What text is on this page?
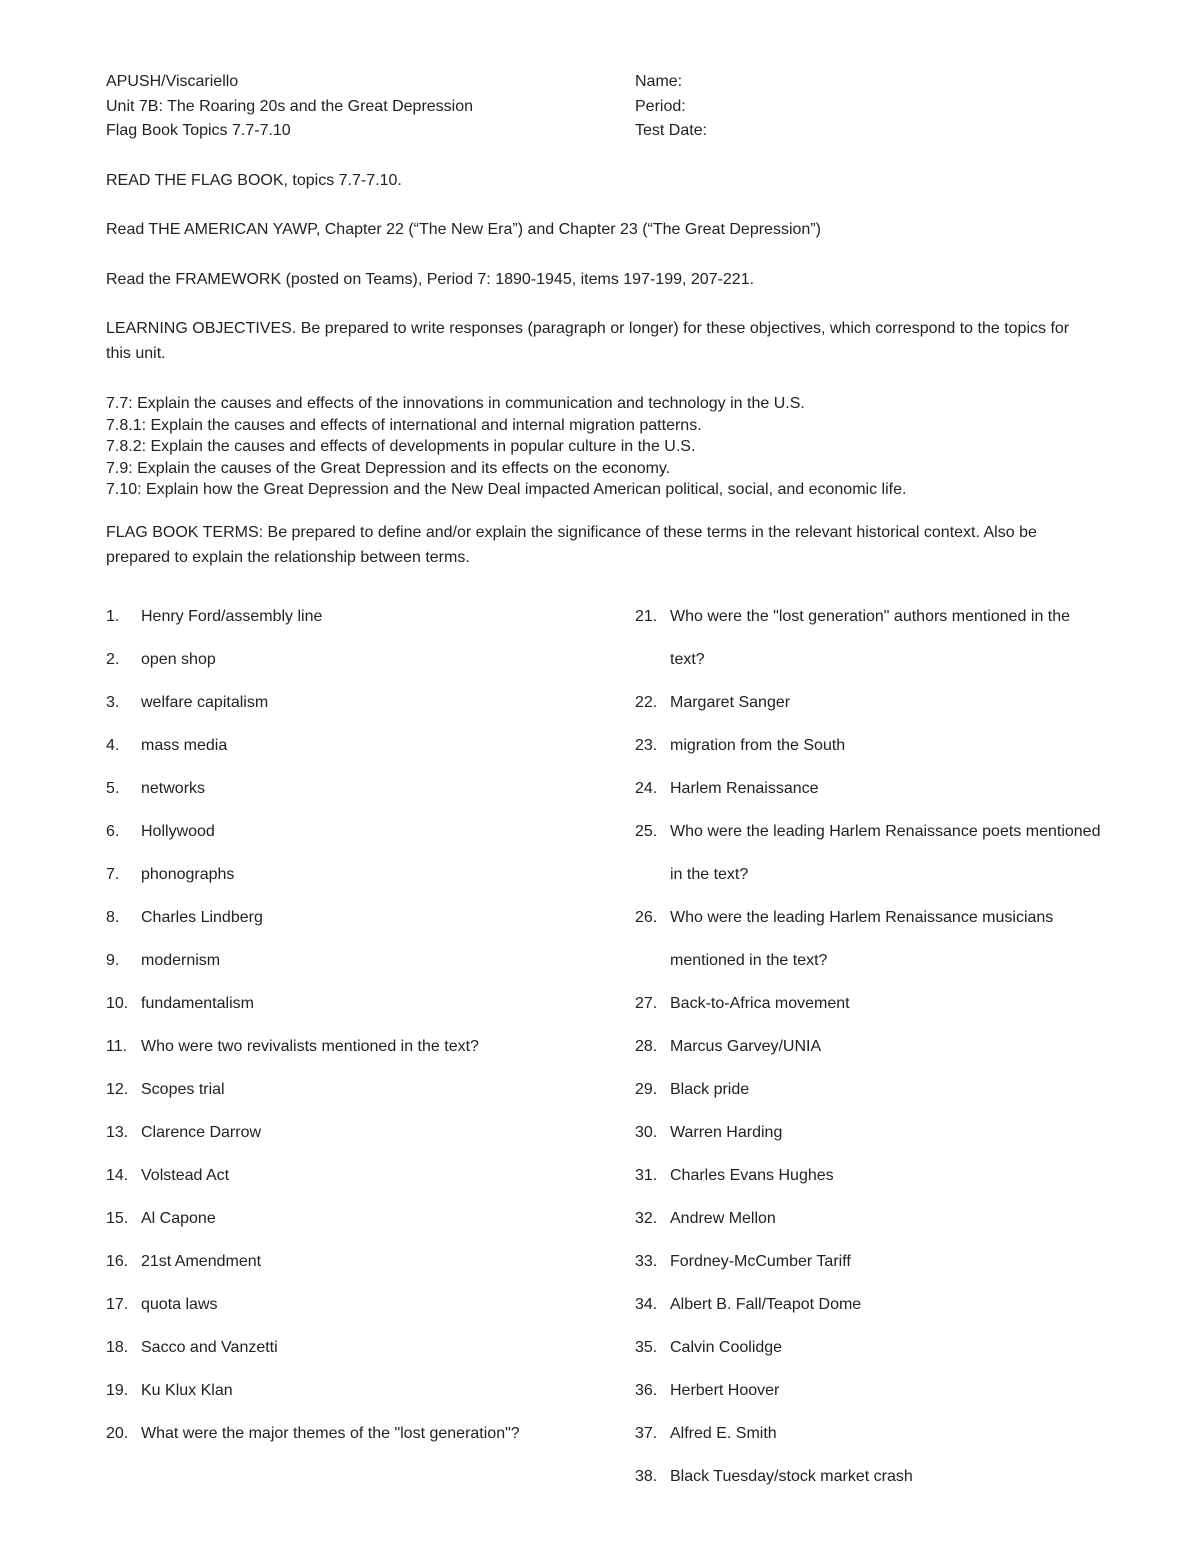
APUSH/Viscariello	Name:
Unit 7B: The Roaring 20s and the Great Depression	Period:
Flag Book Topics 7.7-7.10	Test Date:

READ THE FLAG BOOK, topics 7.7-7.10.

Read THE AMERICAN YAWP, Chapter 22 (“The New Era”) and Chapter 23 (“The Great Depression”)

Read the FRAMEWORK (posted on Teams), Period 7: 1890-1945, items 197-199, 207-221.

LEARNING OBJECTIVES. Be prepared to write responses (paragraph or longer) for these objectives, which correspond to the topics for this unit.

7.7: Explain the causes and effects of the innovations in communication and technology in the U.S.
7.8.1: Explain the causes and effects of international and internal migration patterns.
7.8.2: Explain the causes and effects of developments in popular culture in the U.S.
7.9: Explain the causes of the Great Depression and its effects on the economy.
7.10: Explain how the Great Depression and the New Deal impacted American political, social, and economic life.

FLAG BOOK TERMS: Be prepared to define and/or explain the significance of these terms in the relevant historical context. Also be prepared to explain the relationship between terms.

1. Henry Ford/assembly line
2. open shop
3. welfare capitalism
4. mass media
5. networks
6. Hollywood
7. phonographs
8. Charles Lindberg
9. modernism
10. fundamentalism
11. Who were two revivalists mentioned in the text?
12. Scopes trial
13. Clarence Darrow
14. Volstead Act
15. Al Capone
16. 21st Amendment
17. quota laws
18. Sacco and Vanzetti
19. Ku Klux Klan
20. What were the major themes of the "lost generation"?
21. Who were the "lost generation" authors mentioned in the text?
22. Margaret Sanger
23. migration from the South
24. Harlem Renaissance
25. Who were the leading Harlem Renaissance poets mentioned in the text?
26. Who were the leading Harlem Renaissance musicians mentioned in the text?
27. Back-to-Africa movement
28. Marcus Garvey/UNIA
29. Black pride
30. Warren Harding
31. Charles Evans Hughes
32. Andrew Mellon
33. Fordney-McCumber Tariff
34. Albert B. Fall/Teapot Dome
35. Calvin Coolidge
36. Herbert Hoover
37. Alfred E. Smith
38. Black Tuesday/stock market crash
